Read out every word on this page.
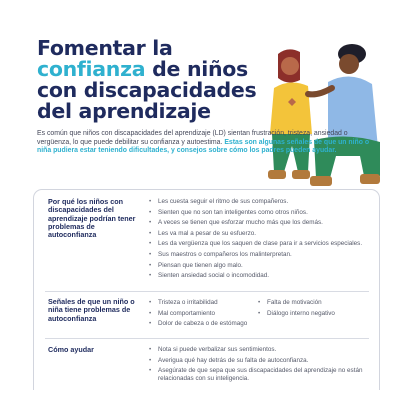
Fomentar la
confianza de niños con discapacidades del aprendizaje
Es común que niños con discapacidades del aprendizaje (LD) sientan frustración, tristeza, ansiedad o vergüenza, lo que puede debilitar su confianza y autoestima. Estas son algunas señales de que un niño o niña pudiera estar teniendo dificultades, y consejos sobre cómo los padres pueden ayudar.
Por qué los niños con discapacidades del aprendizaje podrían tener problemas de autoconfianza
• Les cuesta seguir el ritmo de sus compañeros.
• Sienten que no son tan inteligentes como otros niños.
• A veces se tienen que esforzar mucho más que los demás.
• Les va mal a pesar de su esfuerzo.
• Les da vergüenza que los saquen de clase para ir a servicios especiales.
• Sus maestros o compañeros los malinterpretan.
• Piensan que tienen algo malo.
• Sienten ansiedad social o incomodidad.
Señales de que un niño o niña tiene problemas de autoconfianza
• Tristeza o irritabilidad
• Mal comportamiento
• Dolor de cabeza o de estómago
• Falta de motivación
• Diálogo interno negativo
Cómo ayudar
•	Nota si puede verbalizar sus sentimientos.
• Averigua qué hay detrás de su falta de autoconfianza.
• Asegúrate de que sepa que sus discapacidades del aprendizaje no están relacionadas con su inteligencia.
